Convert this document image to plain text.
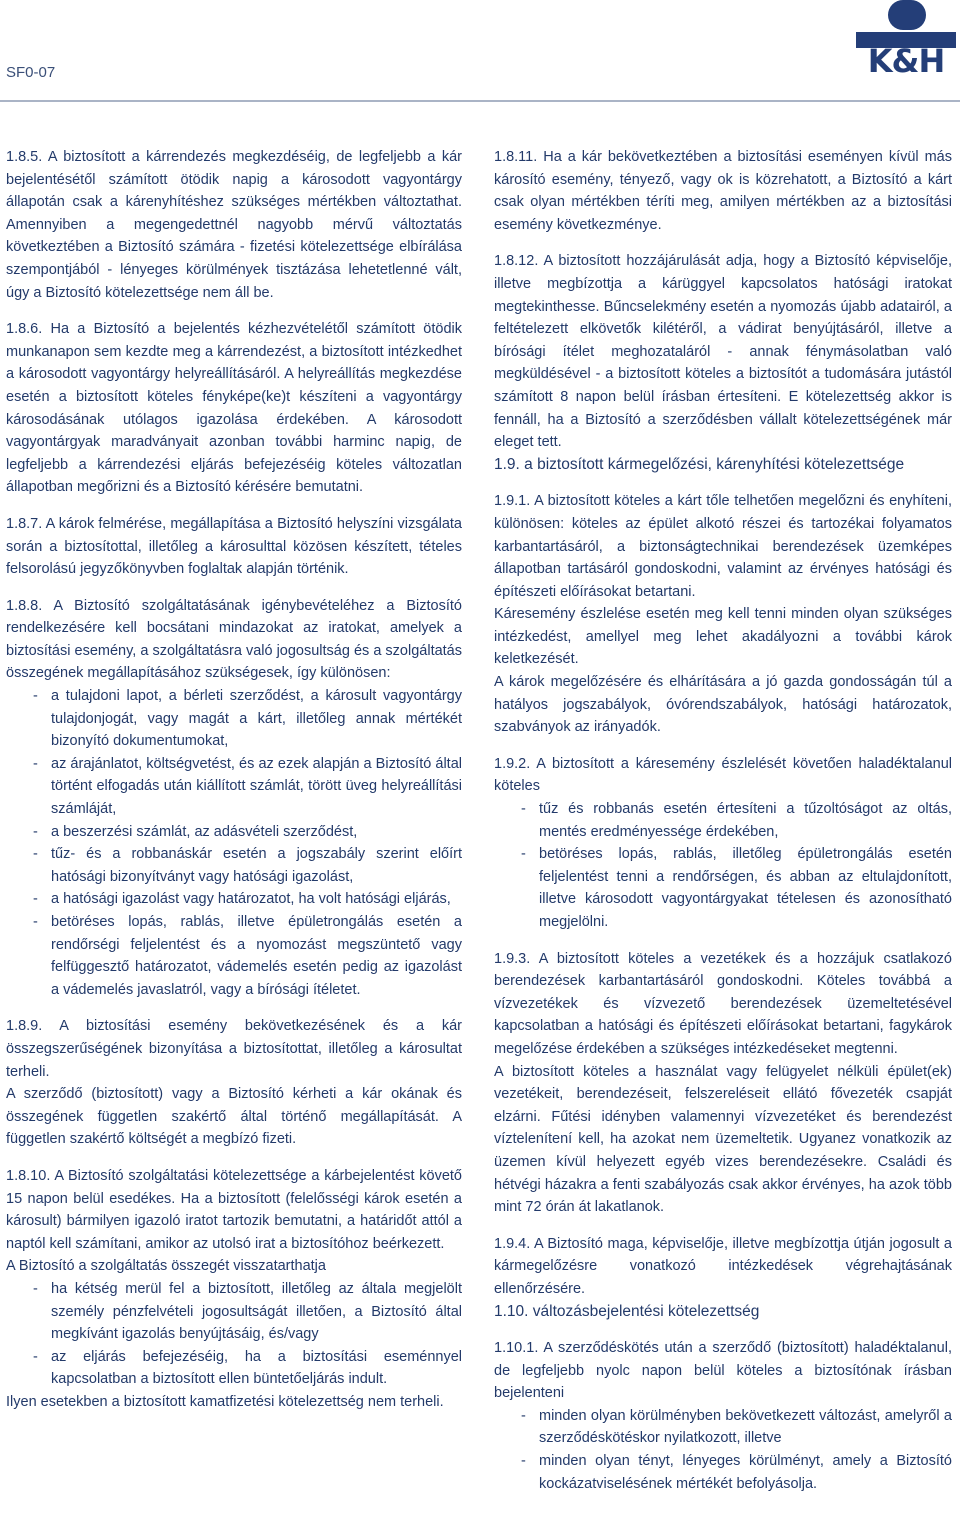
SF0-07	K&H

1.8.5. A biztosított a kárrendezés megkezdéséig, de legfeljebb a kár bejelentésétől számított ötödik napig a károsodott vagyontárgy állapotán csak a kárenyhítéshez szükséges mértékben változtathat. Amennyiben a megengedettnél nagyobb mérvű változtatás következtében a Biztosító számára - fizetési kötelezettsége elbírálása szempontjából - lényeges körülmények tisztázása lehetetlenné vált, úgy a Biztosító kötelezettsége nem áll be.

1.8.6. Ha a Biztosító a bejelentés kézhezvételétől számított ötödik munkanapon sem kezdte meg a kárrendezést, a biztosított intézkedhet a károsodott vagyontárgy helyreállításáról. A helyreállítás megkezdése esetén a biztosított köteles fényképe(ke)t készíteni a vagyontárgy károsodásának utólagos igazolása érdekében. A károsodott vagyontárgyak maradványait azonban további harminc napig, de legfeljebb a kárrendezési eljárás befejezéséig köteles változatlan állapotban megőrizni és a Biztosító kérésére bemutatni.

1.8.7. A károk felmérése, megállapítása a Biztosító helyszíni vizsgálata során a biztosítottal, illetőleg a károsulttal közösen készített, tételes felsorolású jegyzőkönyvben foglaltak alapján történik.

1.8.8. A Biztosító szolgáltatásának igénybevételéhez a Biztosító rendelkezésére kell bocsátani mindazokat az iratokat, amelyek a biztosítási esemény, a szolgáltatásra való jogosultság és a szolgáltatás összegének megállapításához szükségesek, így különösen:

- a tulajdoni lapot, a bérleti szerződést, a károsult vagyontárgy tulajdonjogát, vagy magát a kárt, illetőleg annak mértékét bizonyító dokumentumokat,
- az árajánlatot, költségvetést, és az ezek alapján a Biztosító által történt elfogadás után kiállított számlát, törött üveg helyreállítási számláját,
- a beszerzési számlát, az adásvételi szerződést,
- tűz- és a robbanáskár esetén a jogszabály szerint előírt hatósági bizonyítványt vagy hatósági igazolást,
- a hatósági igazolást vagy határozatot, ha volt hatósági eljárás,
- betöréses lopás, rablás, illetve épületrongálás esetén a rendőrségi feljelentést és a nyomozást megszüntető vagy felfüggesztő határozatot, vádemelés esetén pedig az igazolást a vádemelés javaslatról, vagy a bírósági ítéletet.

1.8.9. A biztosítási esemény bekövetkezésének és a kár összegszerűségének bizonyítása a biztosítottat, illetőleg a károsultat terheli.

A szerződő (biztosított) vagy a Biztosító kérheti a kár okának és összegének független szakértő által történő megállapítását. A független szakértő költségét a megbízó fizeti.

1.8.10. A Biztosító szolgáltatási kötelezettsége a kárbejelentést követő 15 napon belül esedékes. Ha a biztosított (felelősségi károk esetén a károsult) bármilyen igazoló iratot tartozik bemutatni, a határidőt attól a naptól kell számítani, amikor az utolsó irat a biztosítóhoz beérkezett.

A Biztosító a szolgáltatás összegét visszatarthatja

- ha kétség merül fel a biztosított, illetőleg az általa megjelölt személy pénzfelvételi jogosultságát illetően, a Biztosító által megkívánt igazolás benyújtásáig, és/vagy
- az eljárás befejezéséig, ha a biztosítási eseménnyel kapcsolatban a biztosított ellen büntetőeljárás indult.

Ilyen esetekben a biztosított kamatfizetési kötelezettség nem terheli.

1.8.11. Ha a kár bekövetkeztében a biztosítási eseményen kívül más károsító esemény, tényező, vagy ok is közrehatott, a Biztosító a kárt csak olyan mértékben téríti meg, amilyen mértékben az a biztosítási esemény következménye.

1.8.12. A biztosított hozzájárulását adja, hogy a Biztosító képviselője, illetve megbízottja a kárüggyel kapcsolatos hatósági iratokat megtekinthesse. Bűncselekmény esetén a nyomozás újabb adatairól, a feltételezett elkövetők kilétéről, a vádirat benyújtásáról, illetve a bírósági ítélet meghozataláról - annak fénymásolatban való megküldésével - a biztosított köteles a biztosítót a tudomására jutástól számított 8 napon belül írásban értesíteni. E kötelezettség akkor is fennáll, ha a Biztosító a szerződésben vállalt kötelezettségének már eleget tett.

1.9. a biztosított kármegelőzési, kárenyhítési kötelezettsége

1.9.1. A biztosított köteles a kárt tőle telhetően megelőzni és enyhíteni, különösen: köteles az épület alkotó részei és tartozékai folyamatos karbantartásáról, a biztonságtechnikai berendezések üzemképes állapotban tartásáról gondoskodni, valamint az érvényes hatósági és építészeti előírásokat betartani.

Káresemény észlelése esetén meg kell tenni minden olyan szükséges intézkedést, amellyel meg lehet akadályozni a további károk keletkezését.

A károk megelőzésére és elhárítására a jó gazda gondosságán túl a hatályos jogszabályok, óvórendszabályok, hatósági határozatok, szabványok az irányadók.

1.9.2. A biztosított a káresemény észlelését követően haladéktalanul köteles

- tűz és robbanás esetén értesíteni a tűzoltóságot az oltás, mentés eredményessége érdekében,
- betöréses lopás, rablás, illetőleg épületrongálás esetén feljelentést tenni a rendőrségen, és abban az eltulajdonított, illetve károsodott vagyontárgyakat tételesen és azonosítható megjelölni.

1.9.3. A biztosított köteles a vezetékek és a hozzájuk csatlakozó berendezések karbantartásáról gondoskodni. Köteles továbbá a vízvezetékek és vízvezető berendezések üzemeltetésével kapcsolatban a hatósági és építészeti előírásokat betartani, fagykárok megelőzése érdekében a szükséges intézkedéseket megtenni.

A biztosított köteles a használat vagy felügyelet nélküli épület(ek) vezetékeit, berendezéseit, felszereléseit ellátó fővezeték csapját elzárni. Fűtési idényben valamennyi vízvezetéket és berendezést víztelenítení kell, ha azokat nem üzemeltetik. Ugyanez vonatkozik az üzemen kívül helyezett egyéb vizes berendezésekre. Családi és hétvégi házakra a fenti szabályozás csak akkor érvényes, ha azok több mint 72 órán át lakatlanok.

1.9.4. A Biztosító maga, képviselője, illetve megbízottja útján jogosult a kármegelőzésre vonatkozó intézkedések végrehajtásának ellenőrzésére.

1.10. változásbejelentési kötelezettség

1.10.1. A szerződéskötés után a szerződő (biztosított) haladéktalanul, de legfeljebb nyolc napon belül köteles a biztosítónak írásban bejelenteni

- minden olyan körülményben bekövetkezett változást, amelyről a szerződéskötéskor nyilatkozott, illetve
- minden olyan tényt, lényeges körülményt, amely a Biztosító kockázatviselésének mértékét befolyásolja.
